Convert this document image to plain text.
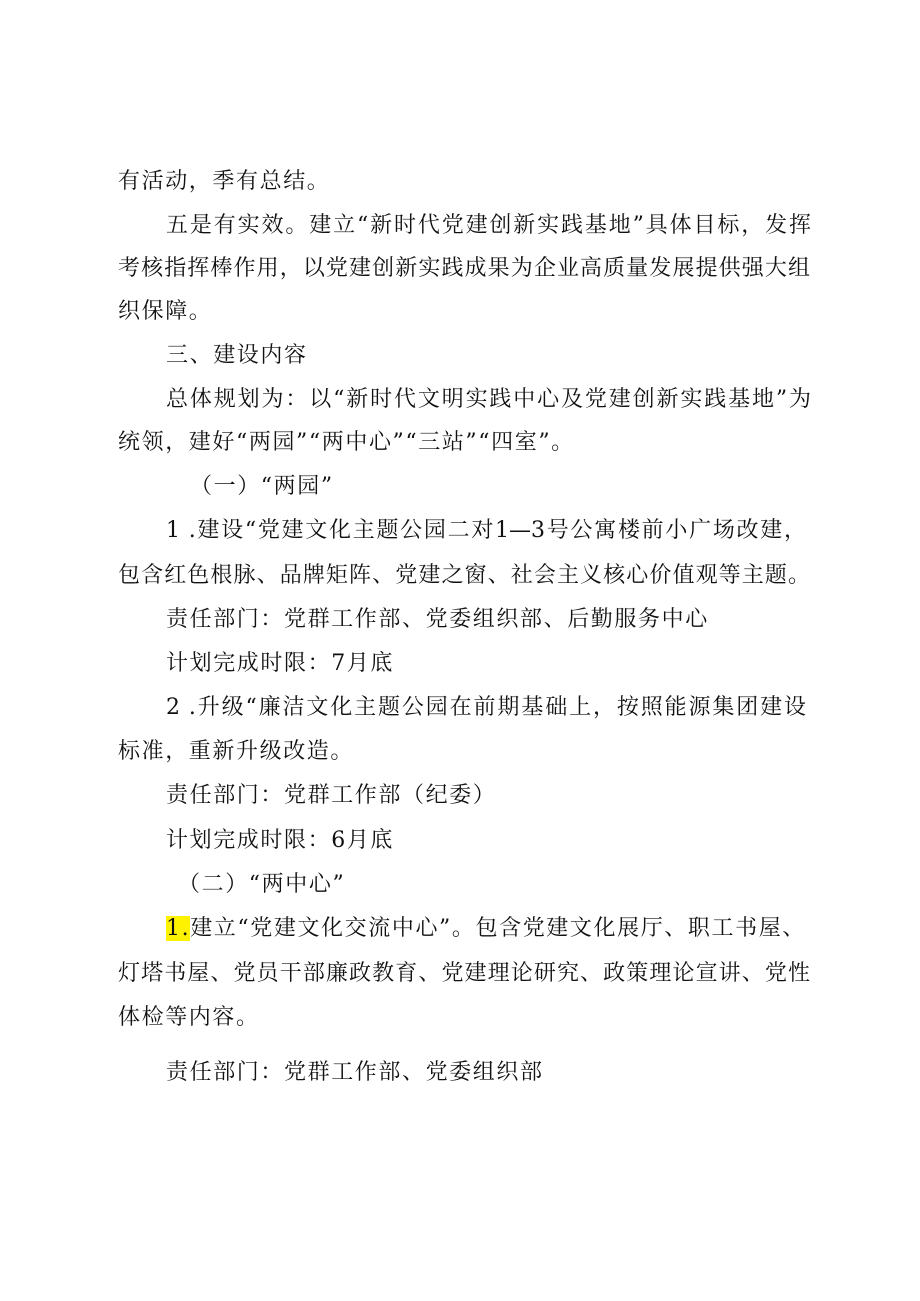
有活动，季有总结。
五是有实效。建立“新时代党建创新实践基地”具体目标，发挥
考核指挥棒作用，以党建创新实践成果为企业高质量发展提供强大组
织保障。
三、建设内容
总体规划为：以“新时代文明实践中心及党建创新实践基地”为
统领，建好“两园”“两中心”“三站”“四室”。
（一）“两园”
1 .建设“党建文化主题公园二对1—3号公寓楼前小广场改建，
包含红色根脉、品牌矩阵、党建之窗、社会主义核心价值观等主题。
责任部门：党群工作部、党委组织部、后勤服务中心
计划完成时限：7月底
2 .升级“廉洁文化主题公园在前期基础上，按照能源集团建设
标准，重新升级改造。
责任部门：党群工作部（纪委）
计划完成时限：6月底
（二）“两中心”
1.建立“党建文化交流中心”。包含党建文化展厅、职工书屋、
灯塔书屋、党员干部廉政教育、党建理论研究、政策理论宣讲、党性
体检等内容。
责任部门：党群工作部、党委组织部
